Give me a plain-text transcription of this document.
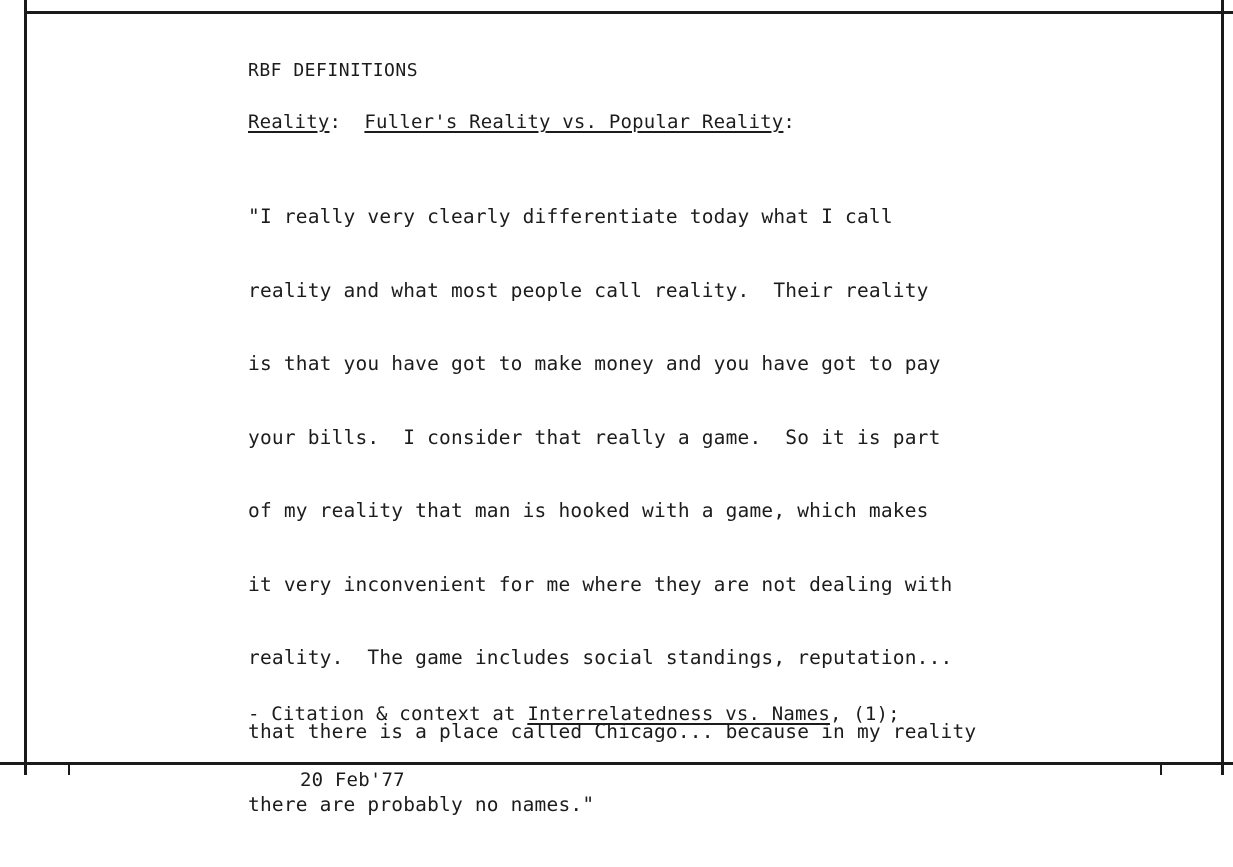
RBF DEFINITIONS
Reality:  Fuller's Reality vs. Popular Reality:

"I really very clearly differentiate today what I call

reality and what most people call reality.  Their reality

is that you have got to make money and you have got to pay

your bills.  I consider that really a game.  So it is part

of my reality that man is hooked with a game, which makes

it very inconvenient for me where they are not dealing with

reality.  The game includes social standings, reputation...

that there is a place called Chicago... because in my reality

there are probably no names."

- Citation & context at Interrelatedness vs. Names, (1);

20 Feb'77
